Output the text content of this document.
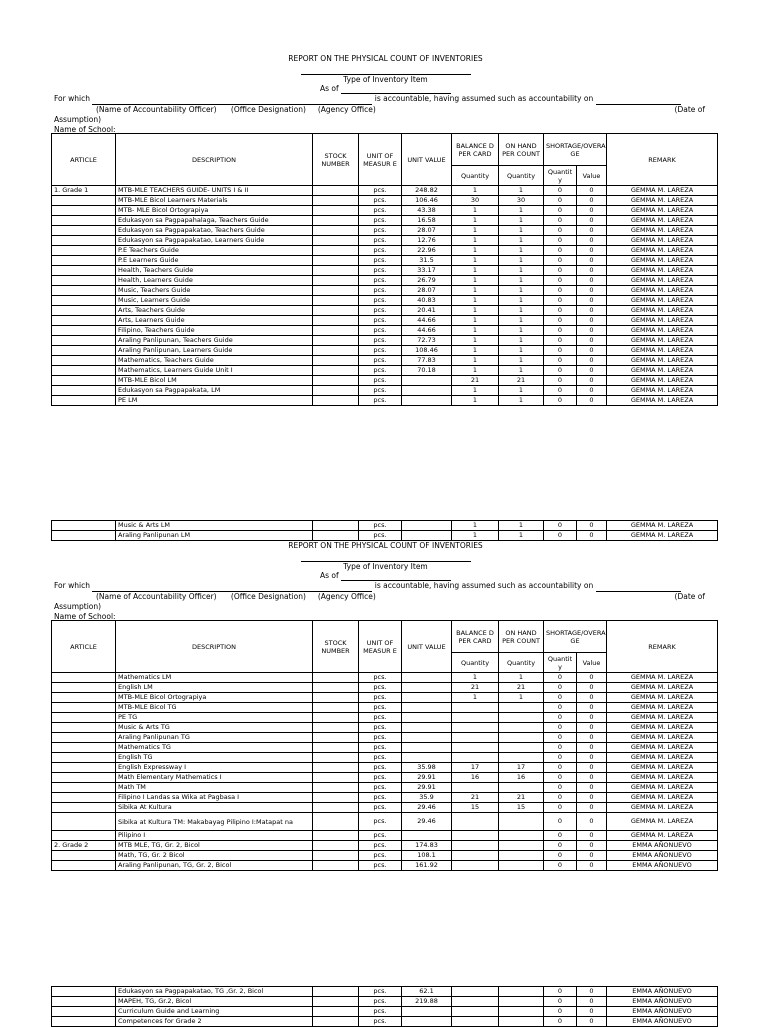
REPORT ON THE PHYSICAL COUNT OF INVENTORIES

Type of Inventory Item
As of
For which	is accountable, having assumed such as accountability on
(Name of Accountability Officer) (Office Designation) (Agency Office)	(Date of
Assumption)
Name of School:
ARTICLE	DESCRIPTION	STOCK NUMBER	UNIT OF MEASUR E	UNIT VALUE	BALANCE D PER CARD	ON HAND PER COUNT	SHORTAGE/OVERA GE		REMARK
					Quantity	Quantity	Quantit y	Value	
1. Grade 1	MTB-MLE TEACHERS GUIDE- UNITS I & II		pcs.	248.82	1	1	0	0	GEMMA M. LAREZA
	MTB-MLE Bicol Learners Materials		pcs.	106.46	30	30	0	0	GEMMA M. LAREZA
	MTB- MLE Bicol Ortograpiya		pcs.	43.38	1	1	0	0	GEMMA M. LAREZA
	Edukasyon sa Pagpapahalaga, Teachers Guide		pcs.	16.58	1	1	0	0	GEMMA M. LAREZA
	Edukasyon sa Pagpapakatao, Teachers Guide		pcs.	28.07	1	1	0	0	GEMMA M. LAREZA
	Edukasyon sa Pagpapakatao, Learners Guide		pcs.	12.76	1	1	0	0	GEMMA M. LAREZA
	P.E Teachers Guide		pcs.	22.96	1	1	0	0	GEMMA M. LAREZA
	P.E Learners Guide		pcs.	31.5	1	1	0	0	GEMMA M. LAREZA
	Health, Teachers Guide		pcs.	33.17	1	1	0	0	GEMMA M. LAREZA
	Health, Learners Guide		pcs.	26.79	1	1	0	0	GEMMA M. LAREZA
	Music, Teachers Guide		pcs.	28.07	1	1	0	0	GEMMA M. LAREZA
	Music, Learners Guide		pcs.	40.83	1	1	0	0	GEMMA M. LAREZA
	Arts, Teachers Guide		pcs.	20.41	1	1	0	0	GEMMA M. LAREZA
	Arts, Learners Guide		pcs.	44.66	1	1	0	0	GEMMA M. LAREZA
	Filipino, Teachers Guide		pcs.	44.66	1	1	0	0	GEMMA M. LAREZA
	Araling Panlipunan, Teachers Guide		pcs.	72.73	1	1	0	0	GEMMA M. LAREZA
	Araling Panlipunan, Learners Guide		pcs.	108.46	1	1	0	0	GEMMA M. LAREZA
	Mathematics, Teachers Guide		pcs.	77.83	1	1	0	0	GEMMA M. LAREZA
	Mathematics, Learners Guide Unit I		pcs.	70.18	1	1	0	0	GEMMA M. LAREZA
	MTB-MLE Bicol LM		pcs.		21	21	0	0	GEMMA M. LAREZA
	Edukasyon sa Pagpapakata, LM		pcs.		1	1	0	0	GEMMA M. LAREZA
	PE LM		pcs.		1	1	0	0	GEMMA M. LAREZA
	Music & Arts LM		pcs.		1	1	0	0	GEMMA M. LAREZA
	Araling Panlipunan LM		pcs.		1	1	0	0	GEMMA M. LAREZA
REPORT ON THE PHYSICAL COUNT OF INVENTORIES

Type of Inventory Item
As of
For which	is accountable, having assumed such as accountability on
(Name of Accountability Officer) (Office Designation) (Agency Office)	(Date of
Assumption)
Name of School:
ARTICLE	DESCRIPTION	STOCK NUMBER	UNIT OF MEASUR E	UNIT VALUE	BALANCE D PER CARD	ON HAND PER COUNT	SHORTAGE/OVERA GE		REMARK
					Quantity	Quantity	Quantit y	Value	
	Mathematics LM		pcs.		1	1	0	0	GEMMA M. LAREZA
	English LM		pcs.		21	21	0	0	GEMMA M. LAREZA
	MTB-MLE Bicol Ortograpiya		pcs.		1	1	0	0	GEMMA M. LAREZA
	MTB-MLE Bicol TG		pcs.				0	0	GEMMA M. LAREZA
	PE TG		pcs.				0	0	GEMMA M. LAREZA
	Music & Arts TG		pcs.				0	0	GEMMA M. LAREZA
	Araling Panlipunan TG		pcs.				0	0	GEMMA M. LAREZA
	Mathematics TG		pcs.				0	0	GEMMA M. LAREZA
	English TG		pcs.				0	0	GEMMA M. LAREZA
	English Expressway I		pcs.	35.98	17	17	0	0	GEMMA M. LAREZA
	Math Elementary Mathematics I		pcs.	29.91	16	16	0	0	GEMMA M. LAREZA
	Math TM		pcs.	29.91			0	0	GEMMA M. LAREZA
	Filipino I Landas sa Wika at Pagbasa I		pcs.	35.9	21	21	0	0	GEMMA M. LAREZA
	Sibika At Kultura		pcs.	29.46	15	15	0	0	GEMMA M. LAREZA
	Sibika at Kultura TM: Makabayag Pilipino I:Matapat na		pcs.	29.46			0	0	GEMMA M. LAREZA
	Pilipino I		pcs.				0	0	GEMMA M. LAREZA
2. Grade 2	MTB MLE, TG, Gr. 2, Bicol		pcs.	174.83			0	0	EMMA AÑONUEVO
	Math, TG, Gr. 2 Bicol		pcs.	108.1			0	0	EMMA AÑONUEVO
	Araling Panlipunan, TG, Gr. 2, Bicol		pcs.	161.92			0	0	EMMA AÑONUEVO
	Edukasyon sa Pagpapakatao, TG ,Gr. 2, Bicol		pcs.	62.1			0	0	EMMA AÑONUEVO
	MAPEH, TG, Gr.2, Bicol		pcs.	219.88			0	0	EMMA AÑONUEVO
	Curriculum Guide and Learning		pcs.				0	0	EMMA AÑONUEVO
	Competences for Grade 2		pcs.				0	0	EMMA AÑONUEVO
